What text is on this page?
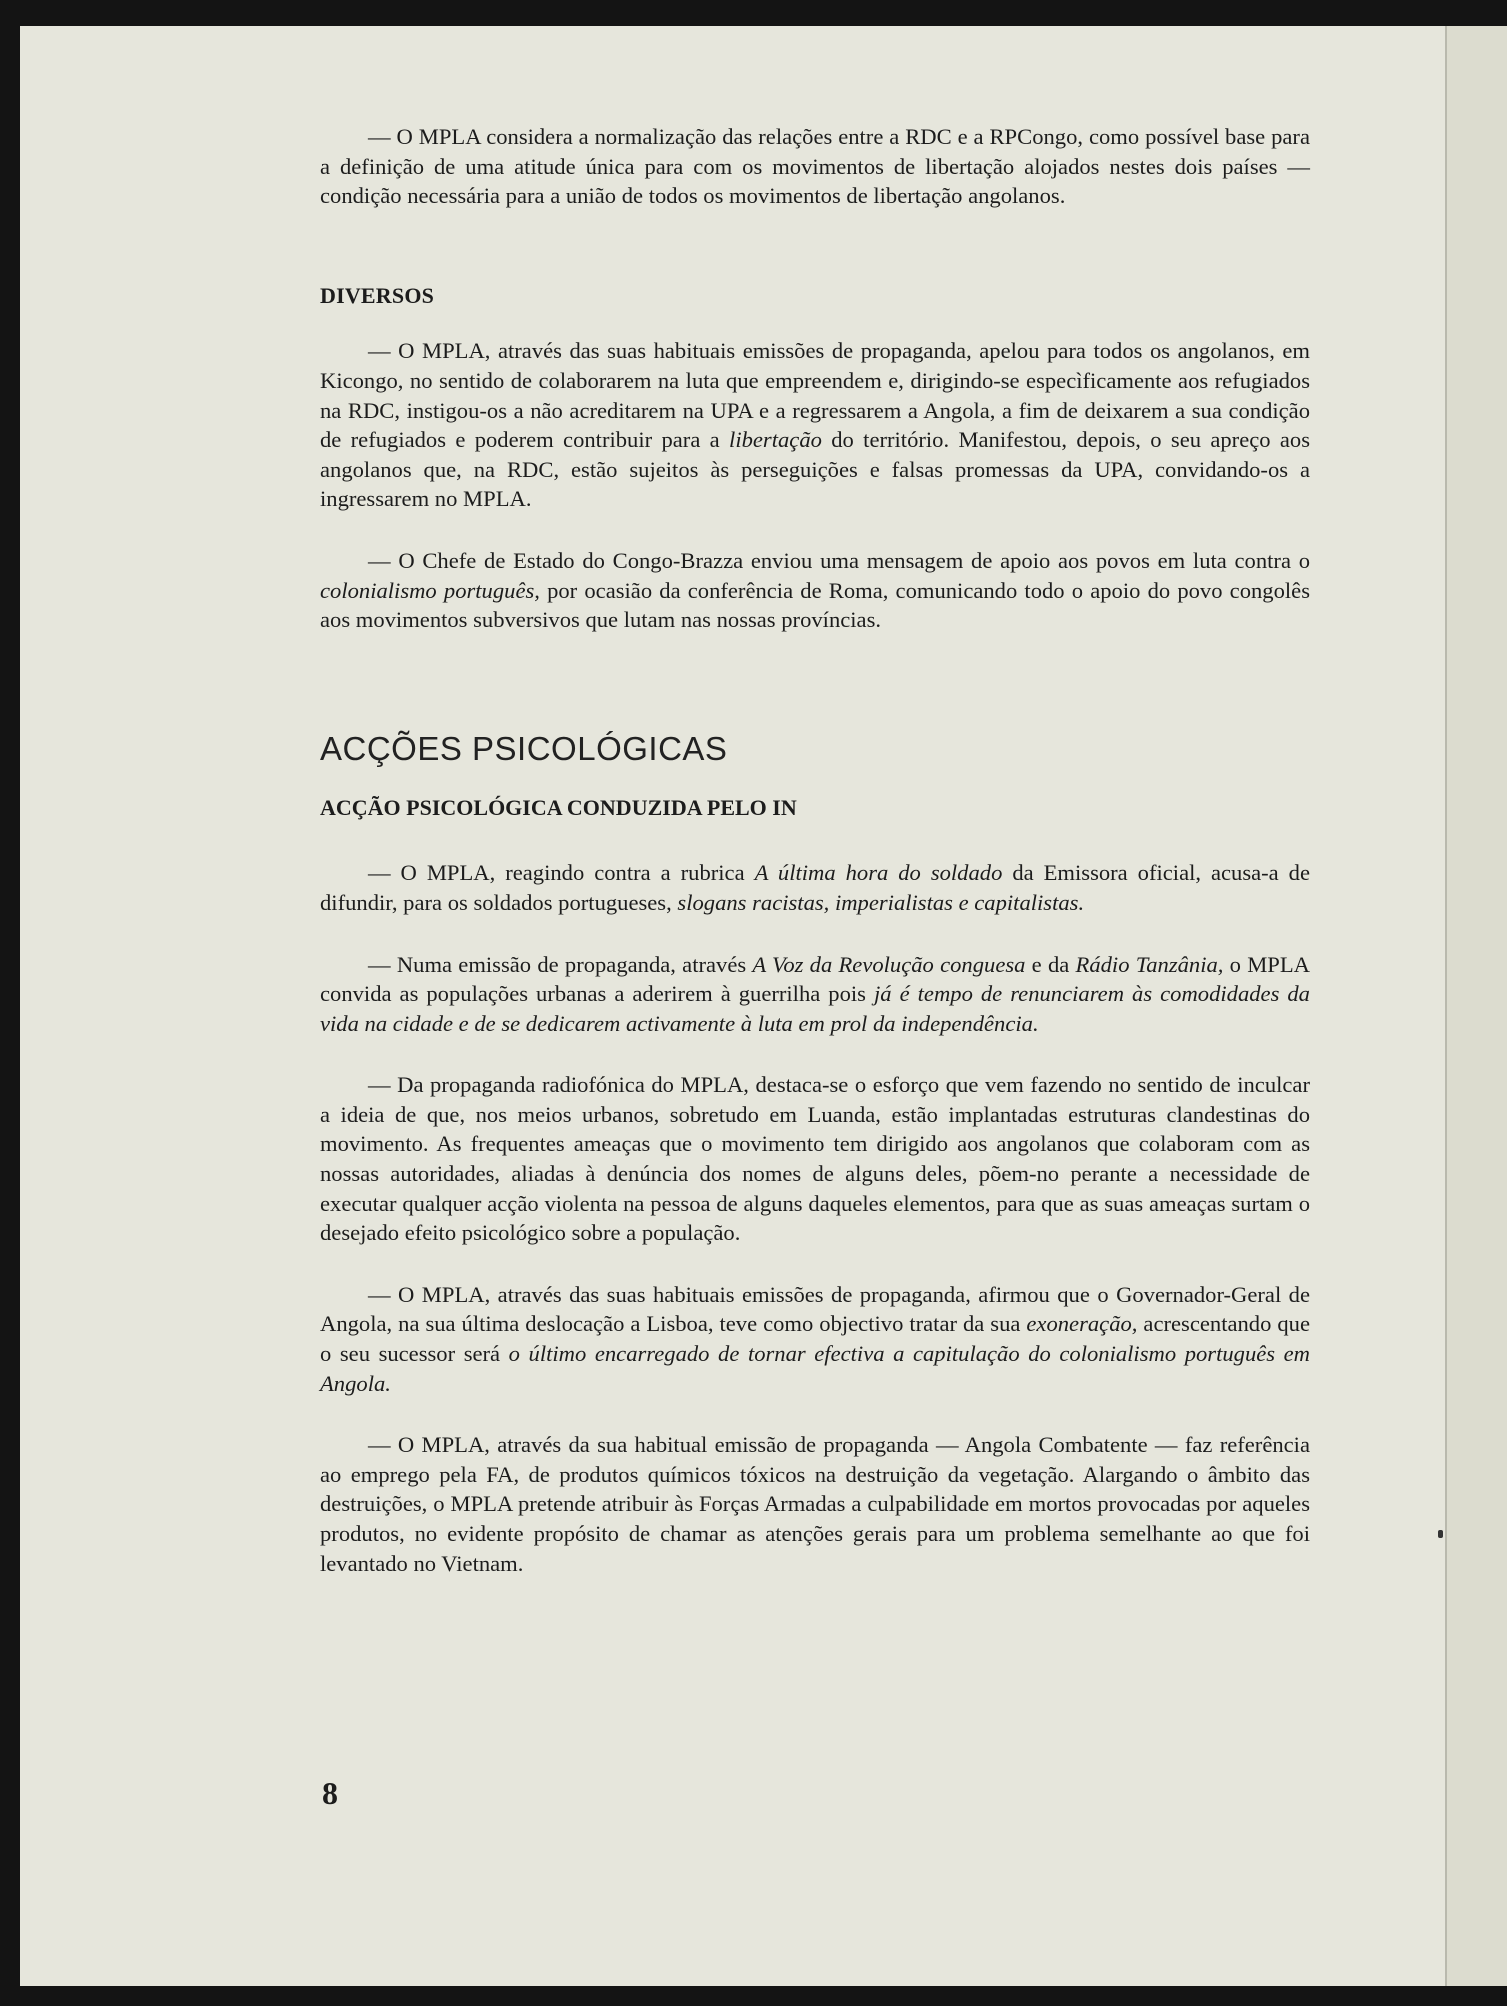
— O MPLA considera a normalização das relações entre a RDC e a RPCongo, como possível base para a definição de uma atitude única para com os movimentos de libertação alojados nestes dois países — condição necessária para a união de todos os movimentos de libertação angolanos.

DIVERSOS

— O MPLA, através das suas habituais emissões de propaganda, apelou para todos os angolanos, em Kicongo, no sentido de colaborarem na luta que empreendem e, dirigindo-se especìficamente aos refugiados na RDC, instigou-os a não acreditarem na UPA e a regressarem a Angola, a fim de deixarem a sua condição de refugiados e poderem contribuir para a libertação do território. Manifestou, depois, o seu apreço aos angolanos que, na RDC, estão sujeitos às perseguições e falsas promessas da UPA, convidando-os a ingressarem no MPLA.

— O Chefe de Estado do Congo-Brazza enviou uma mensagem de apoio aos povos em luta contra o colonialismo português, por ocasião da conferência de Roma, comunicando todo o apoio do povo congolês aos movimentos subversivos que lutam nas nossas províncias.

ACÇÕES PSICOLÓGICAS
ACÇÃO PSICOLÓGICA CONDUZIDA PELO IN

— O MPLA, reagindo contra a rubrica A última hora do soldado da Emissora oficial, acusa-a de difundir, para os soldados portugueses, slogans racistas, imperialistas e capitalistas.

— Numa emissão de propaganda, através A Voz da Revolução conguesa e da Rádio Tanzânia, o MPLA convida as populações urbanas a aderirem à guerrilha pois já é tempo de renunciarem às comodidades da vida na cidade e de se dedicarem activamente à luta em prol da independência.

— Da propaganda radiofónica do MPLA, destaca-se o esforço que vem fazendo no sentido de inculcar a ideia de que, nos meios urbanos, sobretudo em Luanda, estão implantadas estruturas clandestinas do movimento. As frequentes ameaças que o movimento tem dirigido aos angolanos que colaboram com as nossas autoridades, aliadas à denúncia dos nomes de alguns deles, põem-no perante a necessidade de executar qualquer acção violenta na pessoa de alguns daqueles elementos, para que as suas ameaças surtam o desejado efeito psicológico sobre a população.

— O MPLA, através das suas habituais emissões de propaganda, afirmou que o Governador-Geral de Angola, na sua última deslocação a Lisboa, teve como objectivo tratar da sua exoneração, acrescentando que o seu sucessor será o último encarregado de tornar efectiva a capitulação do colonialismo português em Angola.

— O MPLA, através da sua habitual emissão de propaganda — Angola Combatente — faz referência ao emprego pela FA, de produtos químicos tóxicos na destruição da vegetação. Alargando o âmbito das destruições, o MPLA pretende atribuir às Forças Armadas a culpabilidade em mortos provocadas por aqueles produtos, no evidente propósito de chamar as atenções gerais para um problema semelhante ao que foi levantado no Vietnam.

8
